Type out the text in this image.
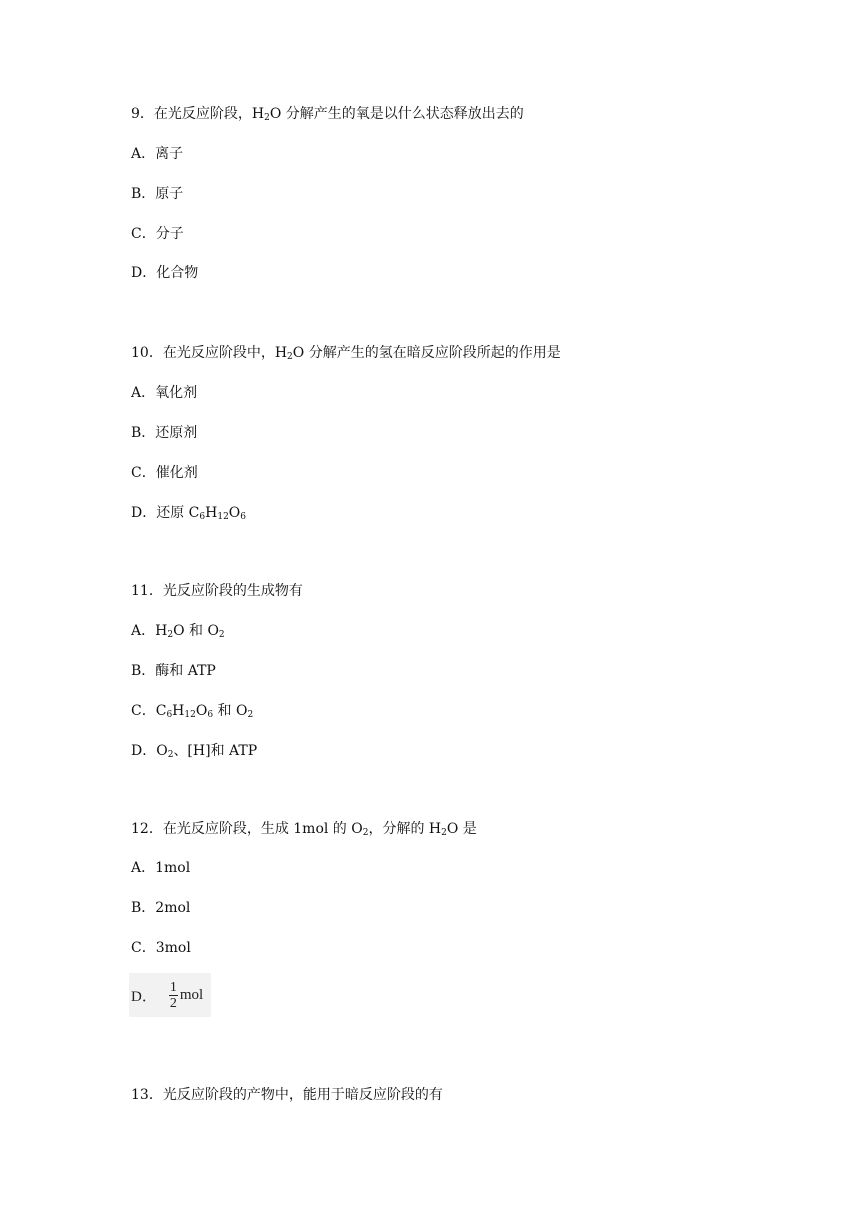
9．在光反应阶段，$H_2O$ 分解产生的氧是以什么状态释放出去的
A．离子
B．原子
C．分子
D．化合物
10．在光反应阶段中，$H_2O$ 分解产生的氢在暗反应阶段所起的作用是
A．氧化剂
B．还原剂
C．催化剂
D．还原 $C_6H_{12}O_6$
11．光反应阶段的生成物有
A．$H_2O$ 和 $O_2$
B．酶和 ATP
C．$C_6H_{12}O_6$ 和 $O_2$
D．$O_2$、[H]和 ATP
12．在光反应阶段，生成 1mol 的 $O_2$，分解的 $H_2O$ 是
A．1mol
B．2mol
C．3mol
D． $\frac{1}{2}$ mol
13．光反应阶段的产物中，能用于暗反应阶段的有
